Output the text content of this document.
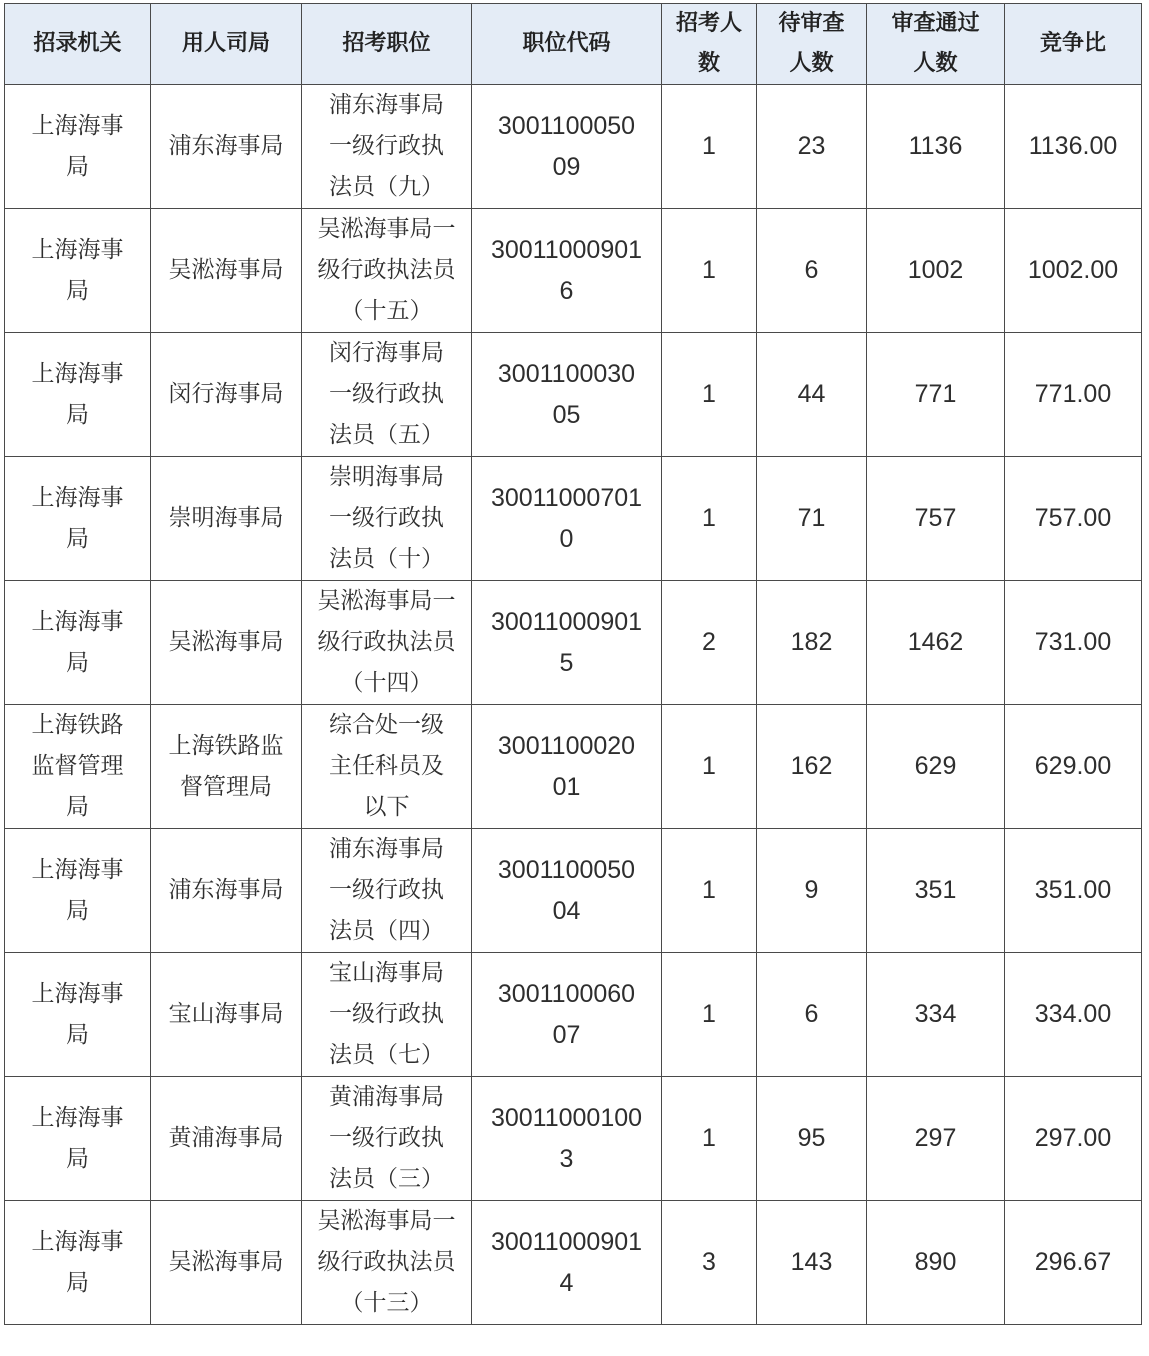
招录机关	用人司局	招考职位	职位代码	招考人数	待审查人数	审查通过人数	竞争比
上海海事局	浦东海事局	浦东海事局一级行政执法员（九）	300110005009	1	23	1136	1136.00
上海海事局	吴淞海事局	吴淞海事局一级行政执法员（十五）	300110009016	1	6	1002	1002.00
上海海事局	闵行海事局	闵行海事局一级行政执法员（五）	300110003005	1	44	771	771.00
上海海事局	崇明海事局	崇明海事局一级行政执法员（十）	300110007010	1	71	757	757.00
上海海事局	吴淞海事局	吴淞海事局一级行政执法员（十四）	300110009015	2	182	1462	731.00
上海铁路监督管理局	上海铁路监督管理局	综合处一级主任科员及以下	300110002001	1	162	629	629.00
上海海事局	浦东海事局	浦东海事局一级行政执法员（四）	300110005004	1	9	351	351.00
上海海事局	宝山海事局	宝山海事局一级行政执法员（七）	300110006007	1	6	334	334.00
上海海事局	黄浦海事局	黄浦海事局一级行政执法员（三）	300110001003	1	95	297	297.00
上海海事局	吴淞海事局	吴淞海事局一级行政执法员（十三）	300110009014	3	143	890	296.67
